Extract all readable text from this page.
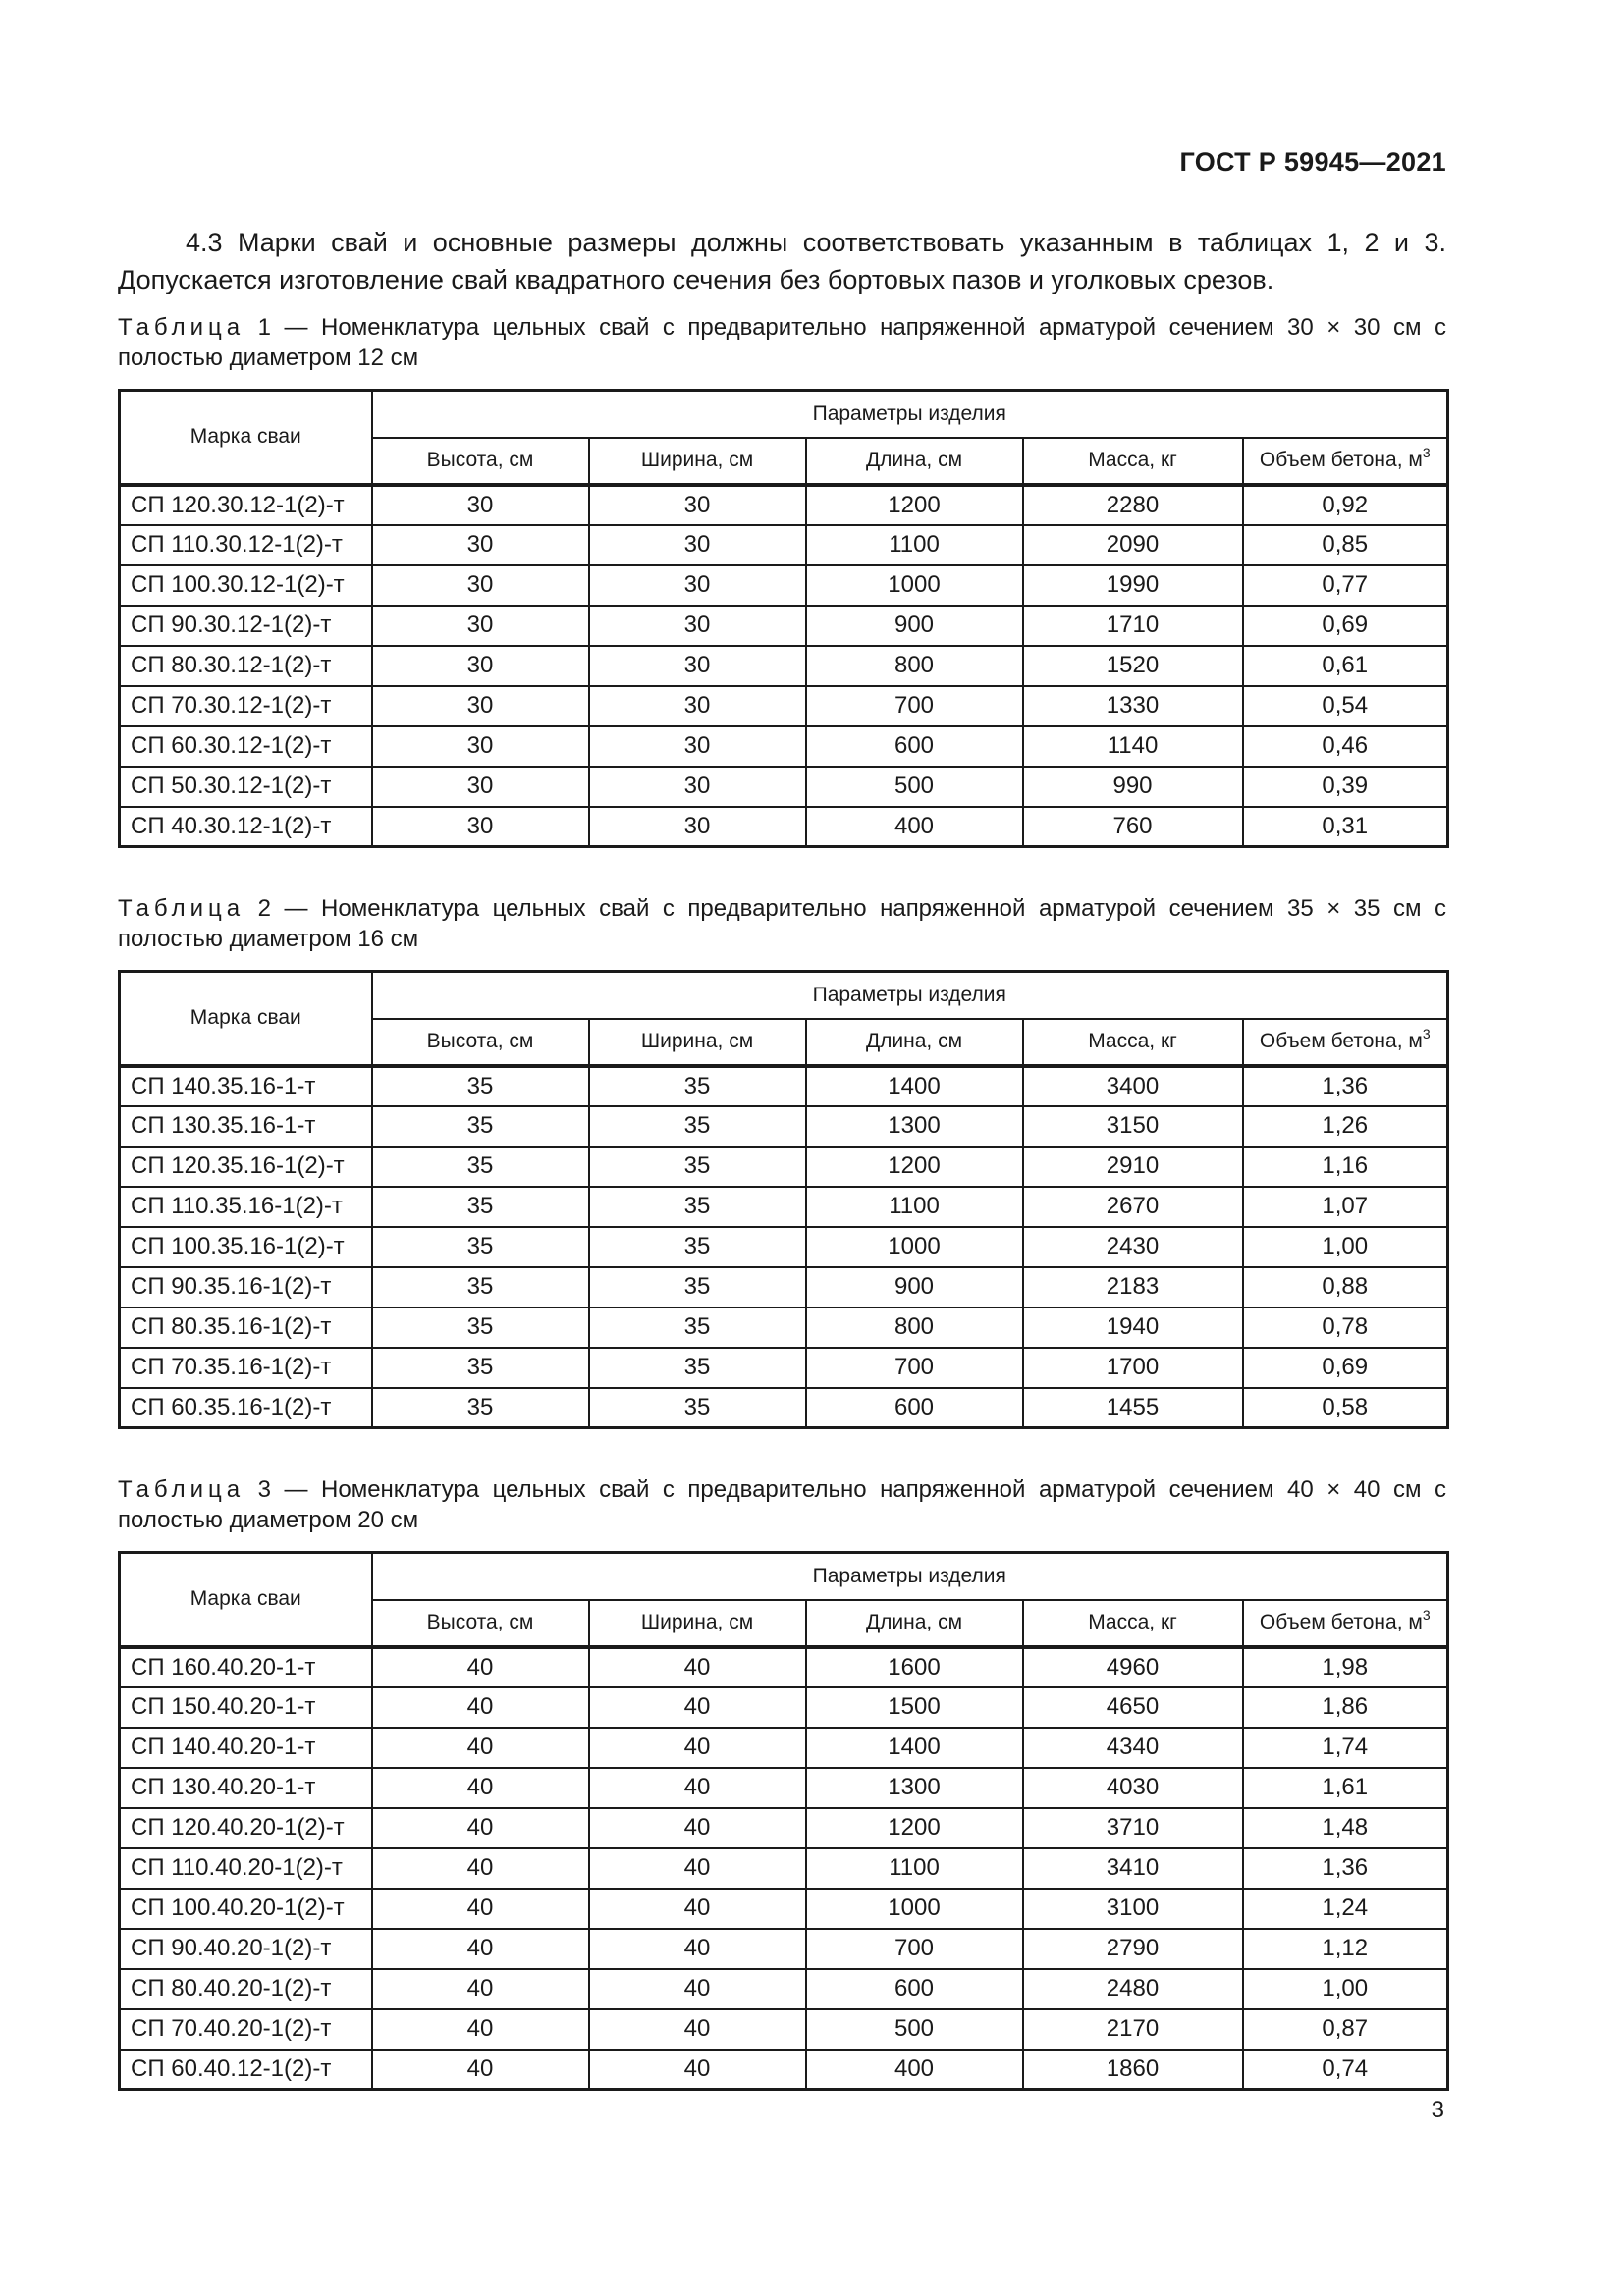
ГОСТ Р 59945—2021
4.3 Марки свай и основные размеры должны соответствовать указанным в таблицах 1, 2 и 3. Допускается изготовление свай квадратного сечения без бортовых пазов и уголковых срезов.
Таблица 1 — Номенклатура цельных свай с предварительно напряженной арматурой сечением 30 × 30 см с полостью диаметром 12 см
Марка сваи	Параметры изделия				
	Высота, см	Ширина, см	Длина, см	Масса, кг	Объем бетона, $м^3$
СП 120.30.12-1(2)-т	30	30	1200	2280	0,92
СП 110.30.12-1(2)-т	30	30	1100	2090	0,85
СП 100.30.12-1(2)-т	30	30	1000	1990	0,77
СП 90.30.12-1(2)-т	30	30	900	1710	0,69
СП 80.30.12-1(2)-т	30	30	800	1520	0,61
СП 70.30.12-1(2)-т	30	30	700	1330	0,54
СП 60.30.12-1(2)-т	30	30	600	1140	0,46
СП 50.30.12-1(2)-т	30	30	500	990	0,39
СП 40.30.12-1(2)-т	30	30	400	760	0,31
Таблица 2 — Номенклатура цельных свай с предварительно напряженной арматурой сечением 35 × 35 см с полостью диаметром 16 см
Марка сваи	Параметры изделия				
	Высота, см	Ширина, см	Длина, см	Масса, кг	Объем бетона, $м^3$
СП 140.35.16-1-т	35	35	1400	3400	1,36
СП 130.35.16-1-т	35	35	1300	3150	1,26
СП 120.35.16-1(2)-т	35	35	1200	2910	1,16
СП 110.35.16-1(2)-т	35	35	1100	2670	1,07
СП 100.35.16-1(2)-т	35	35	1000	2430	1,00
СП 90.35.16-1(2)-т	35	35	900	2183	0,88
СП 80.35.16-1(2)-т	35	35	800	1940	0,78
СП 70.35.16-1(2)-т	35	35	700	1700	0,69
СП 60.35.16-1(2)-т	35	35	600	1455	0,58
Таблица 3 — Номенклатура цельных свай с предварительно напряженной арматурой сечением 40 × 40 см с полостью диаметром 20 см
Марка сваи	Параметры изделия				
	Высота, см	Ширина, см	Длина, см	Масса, кг	Объем бетона, $м^3$
СП 160.40.20-1-т	40	40	1600	4960	1,98
СП 150.40.20-1-т	40	40	1500	4650	1,86
СП 140.40.20-1-т	40	40	1400	4340	1,74
СП 130.40.20-1-т	40	40	1300	4030	1,61
СП 120.40.20-1(2)-т	40	40	1200	3710	1,48
СП 110.40.20-1(2)-т	40	40	1100	3410	1,36
СП 100.40.20-1(2)-т	40	40	1000	3100	1,24
СП 90.40.20-1(2)-т	40	40	700	2790	1,12
СП 80.40.20-1(2)-т	40	40	600	2480	1,00
СП 70.40.20-1(2)-т	40	40	500	2170	0,87
СП 60.40.12-1(2)-т	40	40	400	1860	0,74
3
